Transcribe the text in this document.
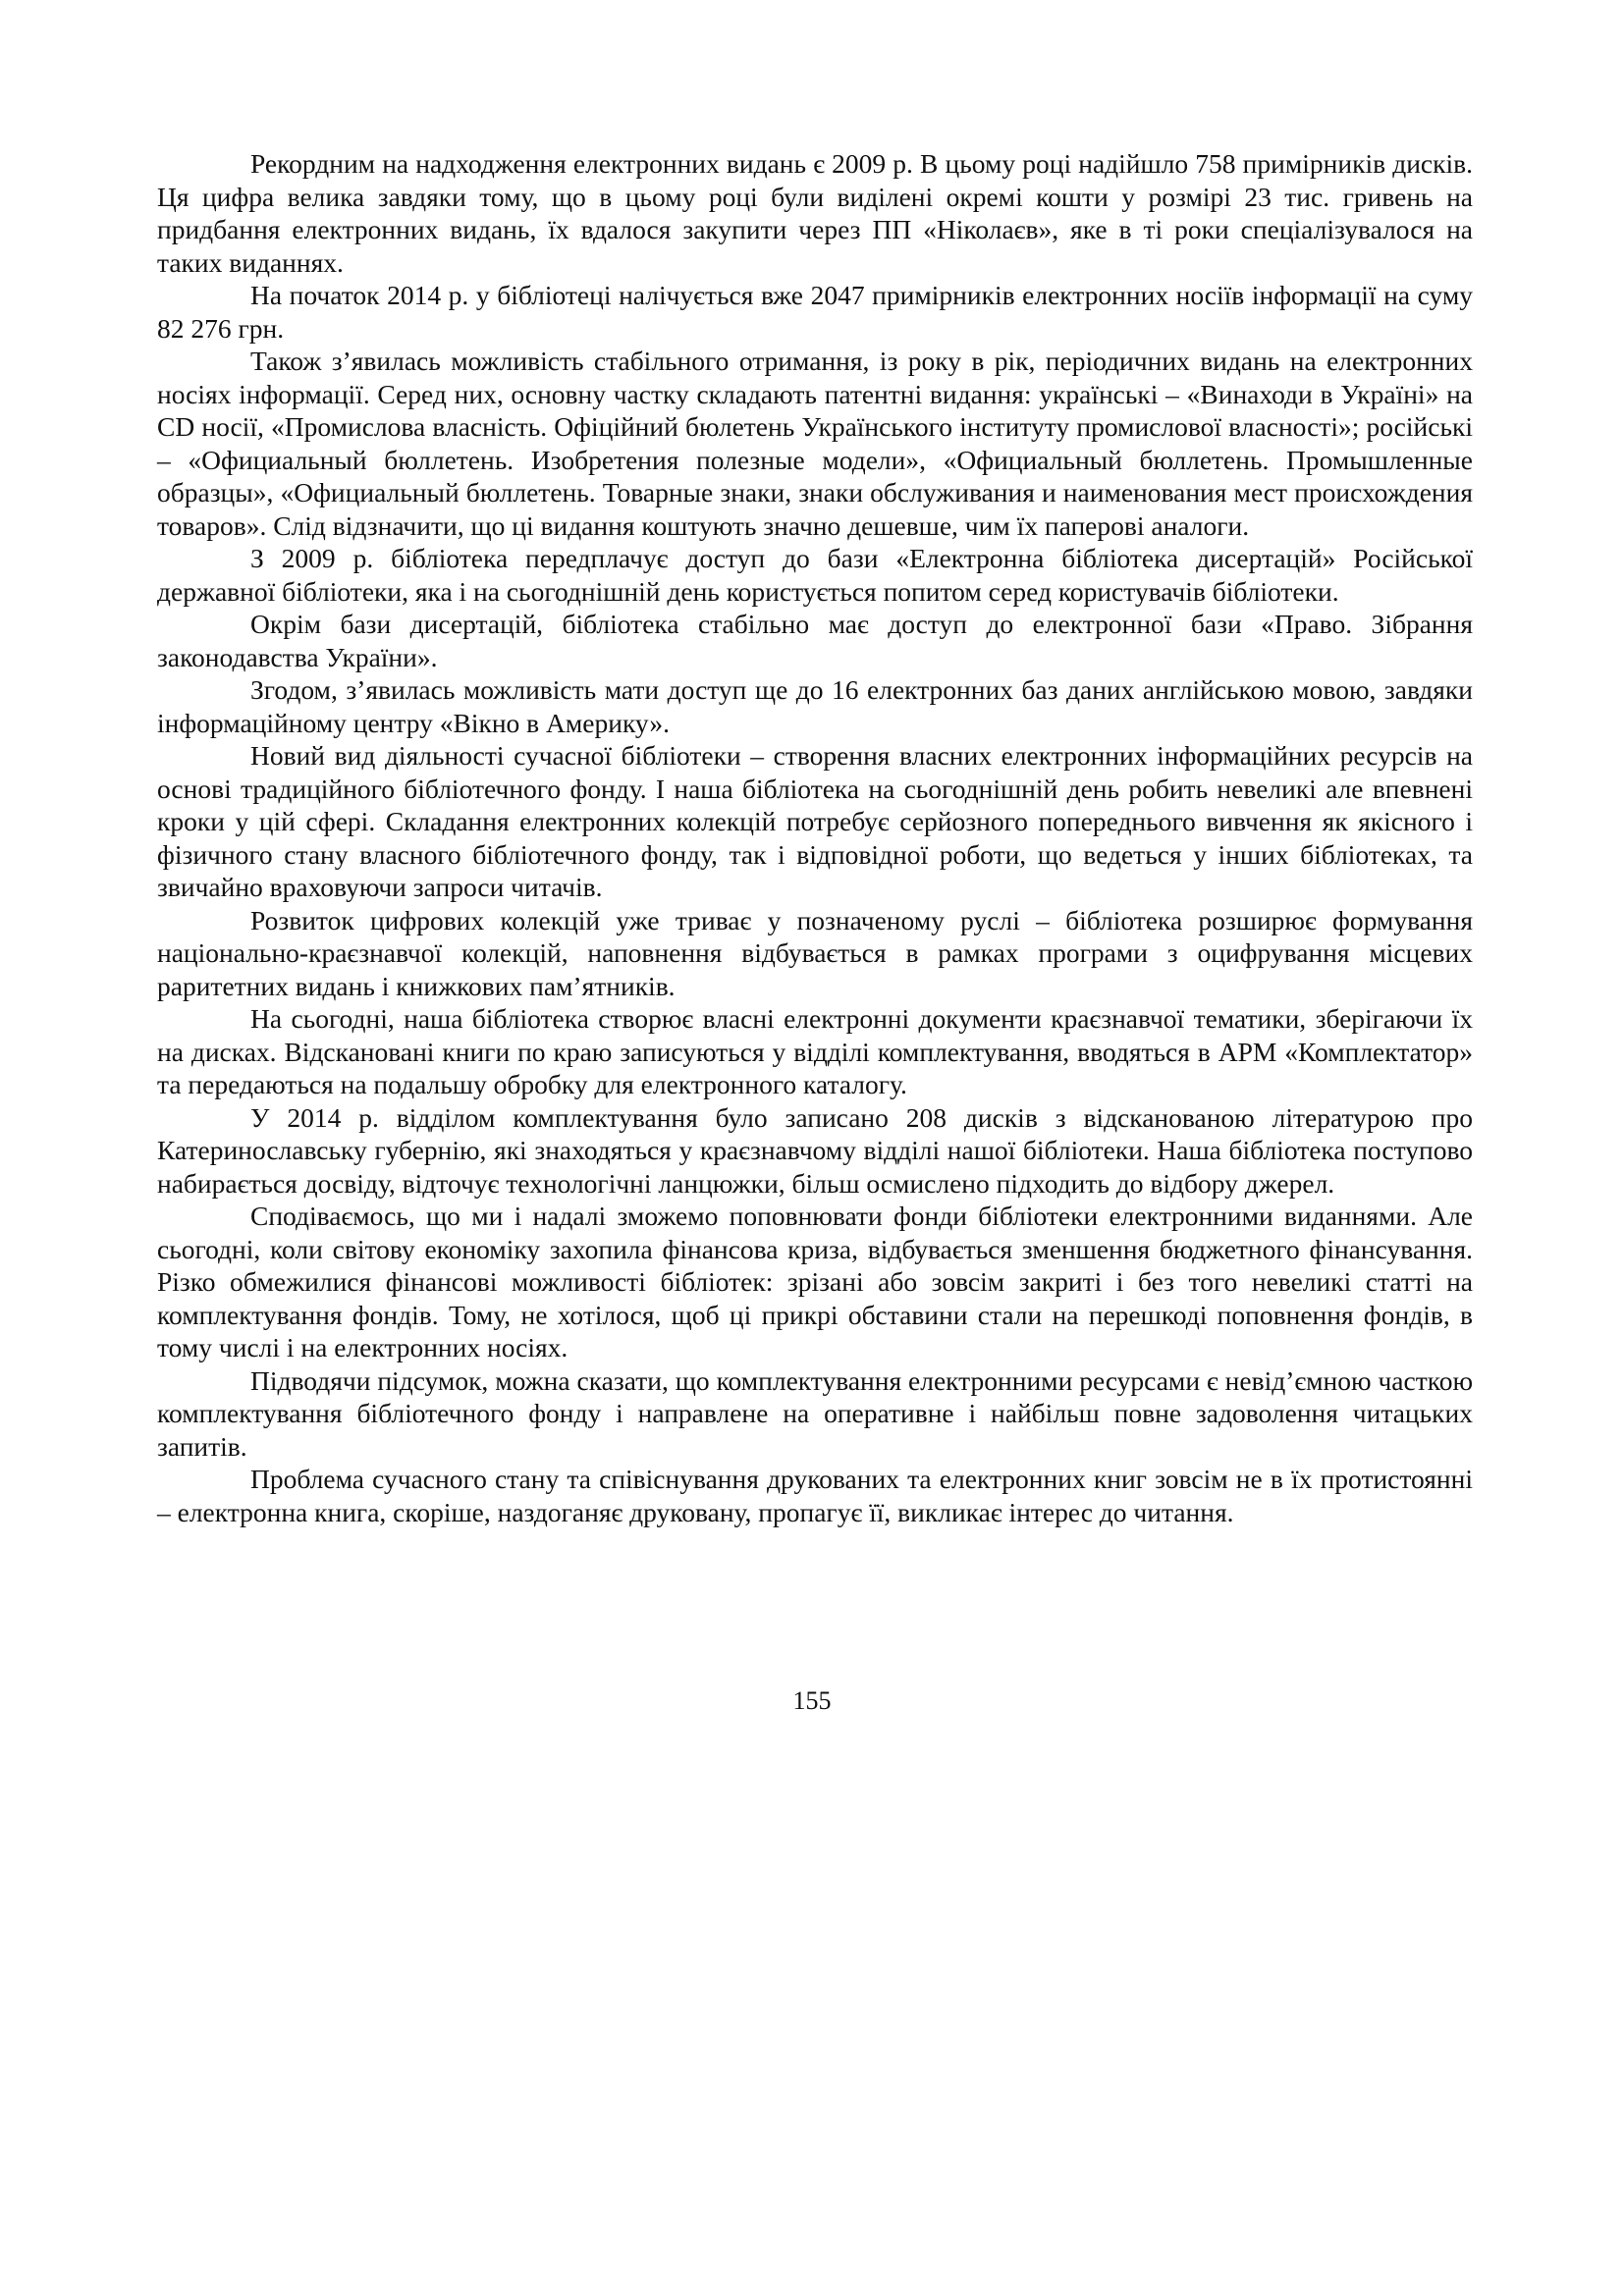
Рекордним на надходження електронних видань є 2009 р. В цьому році надійшло 758 примірників дисків. Ця цифра велика завдяки тому, що в цьому році були виділені окремі кошти у розмірі 23 тис. гривень на придбання електронних видань, їх вдалося закупити через ПП «Ніколаєв», яке в ті роки спеціалізувалося на таких виданнях.

На початок 2014 р. у бібліотеці налічується вже 2047 примірників електронних носіїв інформації на суму 82 276 грн.

Також з’явилась можливість стабільного отримання, із року в рік, періодичних видань на електронних носіях інформації. Серед них, основну частку складають патентні видання: українські – «Винаходи в Україні» на CD носії, «Промислова власність. Офіційний бюлетень Українського інституту промислової власності»; російські – «Официальный бюллетень. Изобретения полезные модели», «Официальный бюллетень. Промышленные образцы», «Официальный бюллетень. Товарные знаки, знаки обслуживания и наименования мест происхождения товаров». Слід відзначити, що ці видання коштують значно дешевше, чим їх паперові аналоги.

З 2009 р. бібліотека передплачує доступ до бази «Електронна бібліотека дисертацій» Російської державної бібліотеки, яка і на сьогоднішній день користується попитом серед користувачів бібліотеки.

Окрім бази дисертацій, бібліотека стабільно має доступ до електронної бази «Право. Зібрання законодавства України».

Згодом, з’явилась можливість мати доступ ще до 16 електронних баз даних англійською мовою, завдяки інформаційному центру «Вікно в Америку».

Новий вид діяльності сучасної бібліотеки – створення власних електронних інформаційних ресурсів на основі традиційного бібліотечного фонду. І наша бібліотека на сьогоднішній день робить невеликі але впевнені кроки у цій сфері. Складання електронних колекцій потребує серйозного попереднього вивчення як якісного і фізичного стану власного бібліотечного фонду, так і відповідної роботи, що ведеться у інших бібліотеках, та звичайно враховуючи запроси читачів.

Розвиток цифрових колекцій уже триває у позначеному руслі – бібліотека розширює формування національно-краєзнавчої колекцій, наповнення відбувається в рамках програми з оцифрування місцевих раритетних видань і книжкових пам’ятників.

На сьогодні, наша бібліотека створює власні електронні документи краєзнавчої тематики, зберігаючи їх на дисках. Відскановані книги по краю записуються у відділі комплектування, вводяться в АРМ «Комплектатор» та передаються на подальшу обробку для електронного каталогу.

У 2014 р. відділом комплектування було записано 208 дисків з відсканованою літературою про Катеринославську губернію, які знаходяться у краєзнавчому відділі нашої бібліотеки. Наша бібліотека поступово набирається досвіду, відточує технологічні ланцюжки, більш осмислено підходить до відбору джерел.

Сподіваємось, що ми і надалі зможемо поповнювати фонди бібліотеки електронними виданнями. Але сьогодні, коли світову економіку захопила фінансова криза, відбувається зменшення бюджетного фінансування. Різко обмежилися фінансові можливості бібліотек: зрізані або зовсім закриті і без того невеликі статті на комплектування фондів. Тому, не хотілося, щоб ці прикрі обставини стали на перешкоді поповнення фондів, в тому числі і на електронних носіях.

Підводячи підсумок, можна сказати, що комплектування електронними ресурсами є невід’ємною часткою комплектування бібліотечного фонду і направлене на оперативне і найбільш повне задоволення читацьких запитів.

Проблема сучасного стану та співіснування друкованих та електронних книг зовсім не в їх протистоянні – електронна книга, скоріше, наздоганяє друковану, пропагує її, викликає інтерес до читання.

155
